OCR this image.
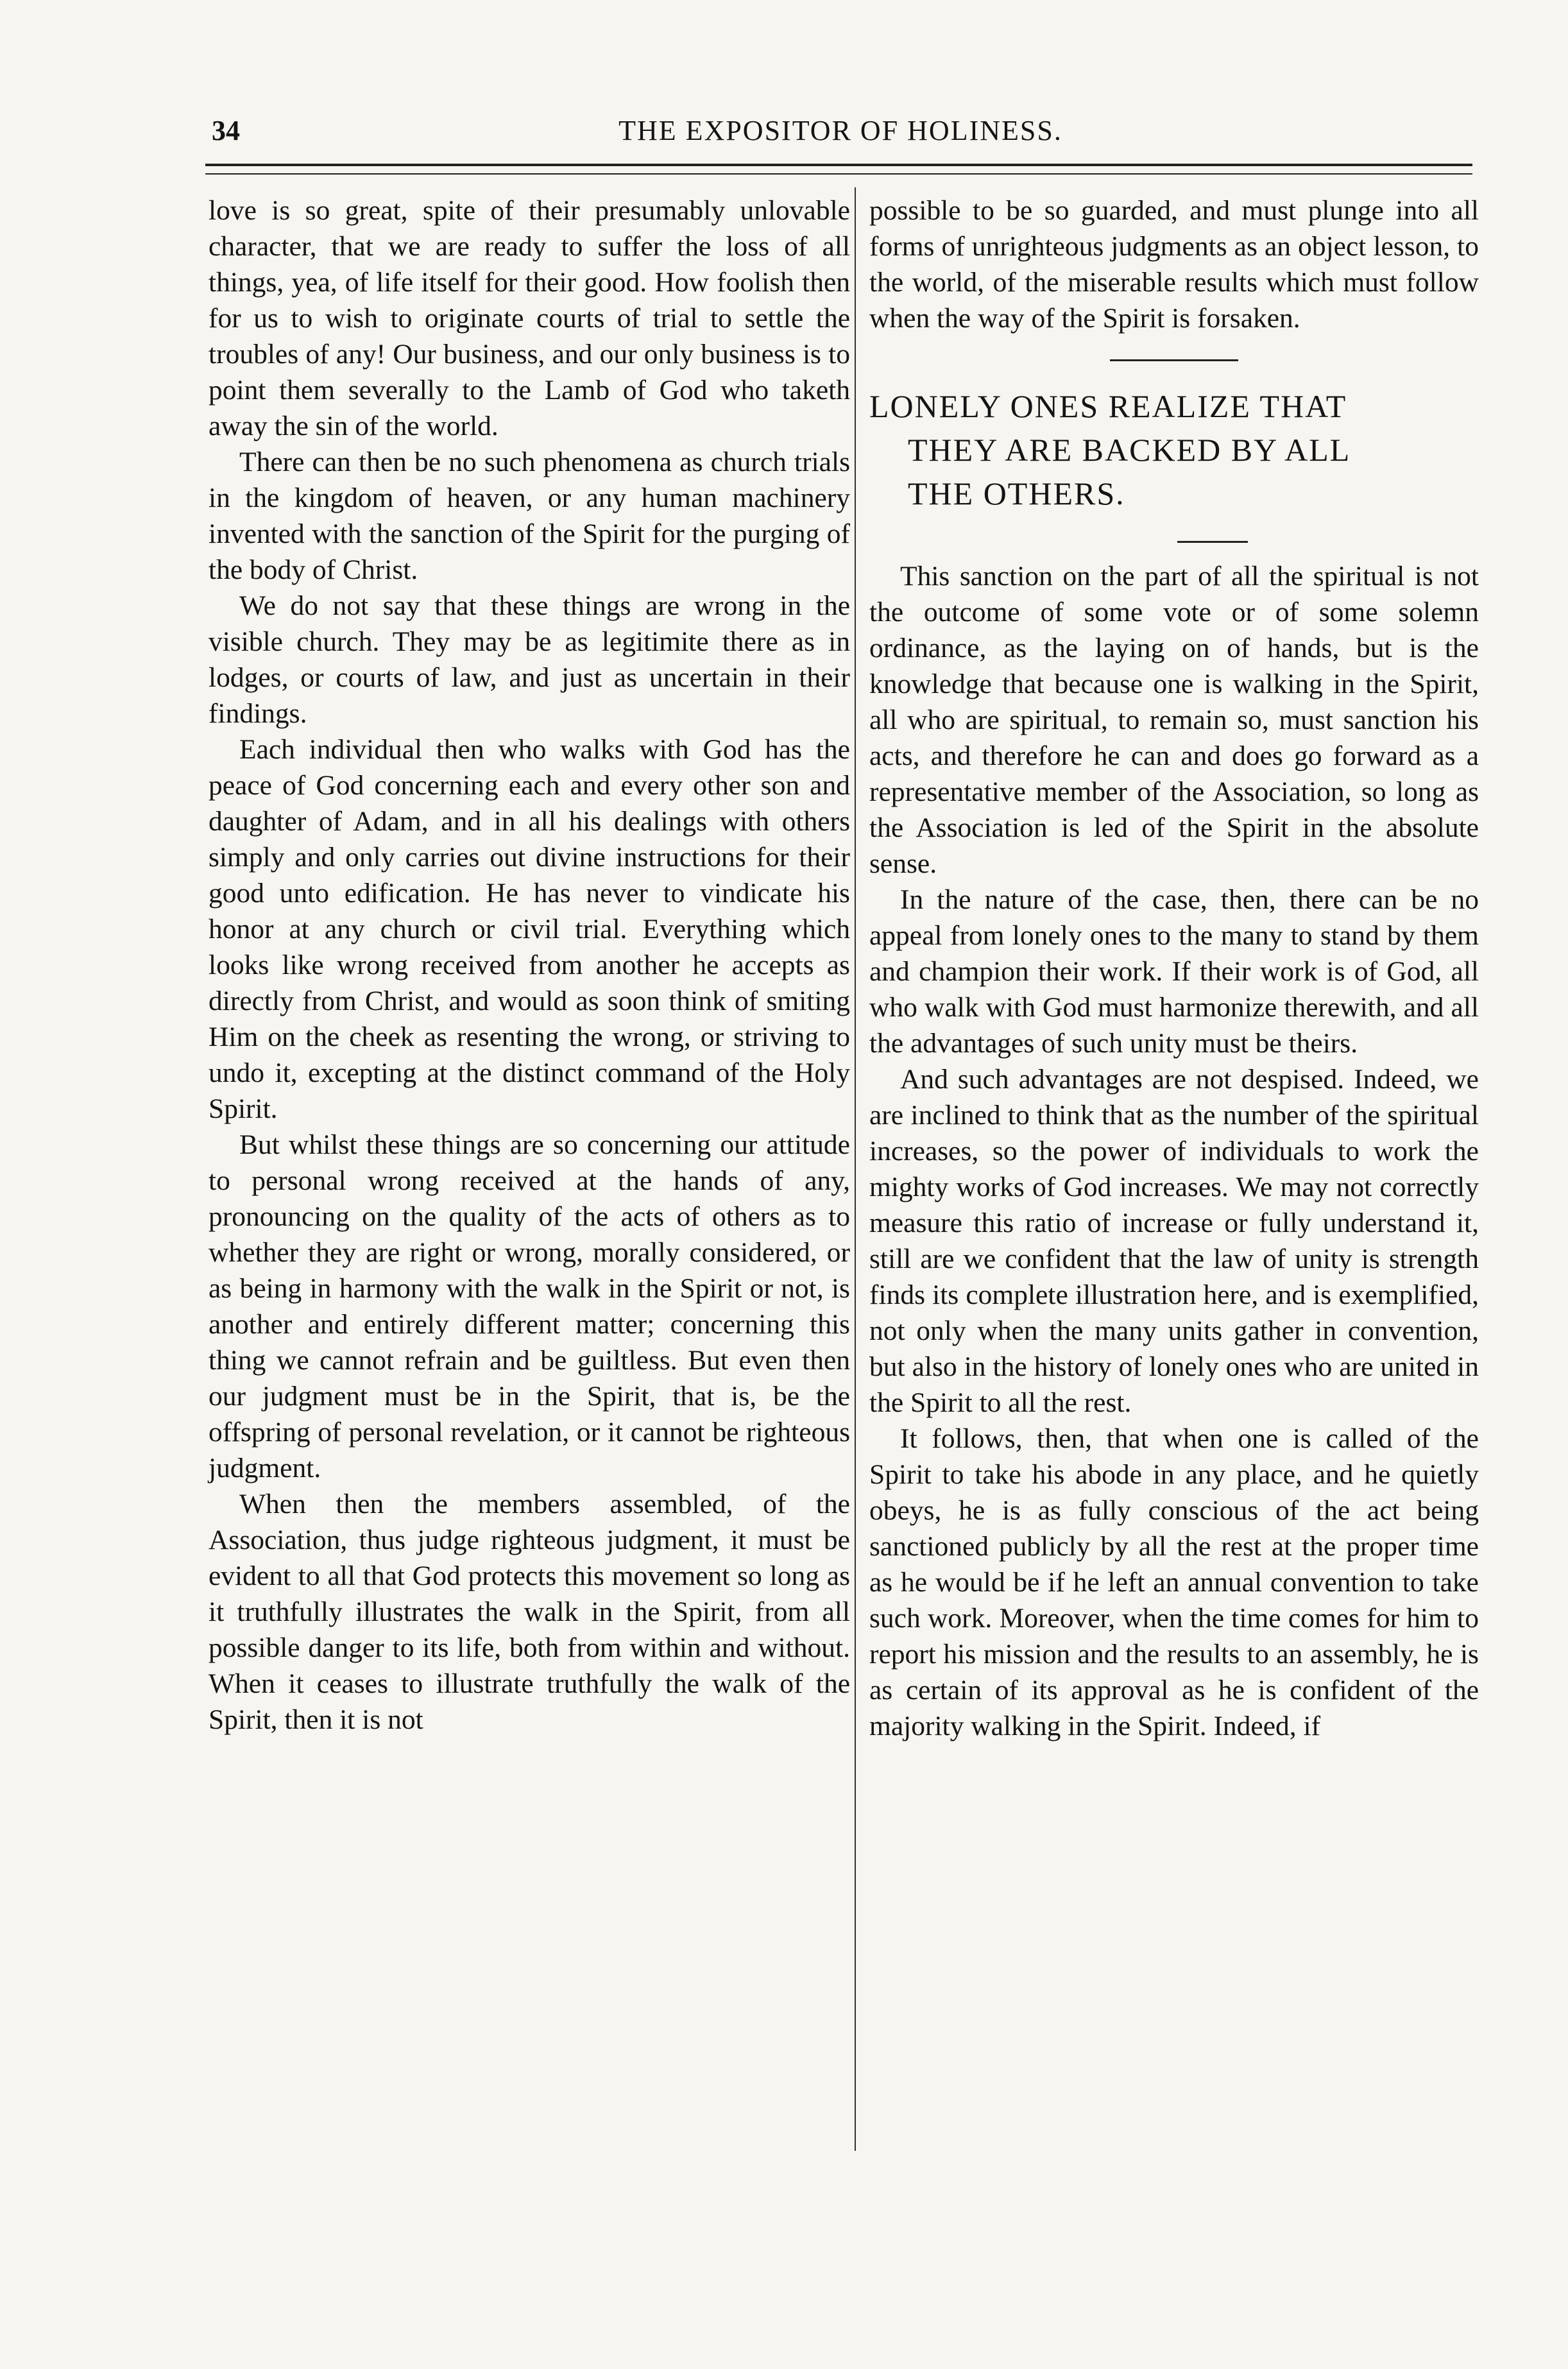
34	THE EXPOSITOR OF HOLINESS.

love is so great, spite of their presumably unlovable character, that we are ready to suffer the loss of all things, yea, of life itself for their good. How foolish then for us to wish to originate courts of trial to settle the troubles of any! Our business, and our only business is to point them severally to the Lamb of God who taketh away the sin of the world.

There can then be no such phenomena as church trials in the kingdom of heaven, or any human machinery invented with the sanction of the Spirit for the purging of the body of Christ.

We do not say that these things are wrong in the visible church. They may be as legitimite there as in lodges, or courts of law, and just as uncertain in their findings.

Each individual then who walks with God has the peace of God concerning each and every other son and daughter of Adam, and in all his dealings with others simply and only carries out divine instructions for their good unto edification. He has never to vindicate his honor at any church or civil trial. Everything which looks like wrong received from another he accepts as directly from Christ, and would as soon think of smiting Him on the cheek as resenting the wrong, or striving to undo it, excepting at the distinct command of the Holy Spirit.

But whilst these things are so concerning our attitude to personal wrong received at the hands of any, pronouncing on the quality of the acts of others as to whether they are right or wrong, morally considered, or as being in harmony with the walk in the Spirit or not, is another and entirely different matter; concerning this thing we cannot refrain and be guiltless. But even then our judgment must be in the Spirit, that is, be the offspring of personal revelation, or it cannot be righteous judgment.

When then the members assembled, of the Association, thus judge righteous judgment, it must be evident to all that God protects this movement so long as it truthfully illustrates the walk in the Spirit, from all possible danger to its life, both from within and without. When it ceases to illustrate truthfully the walk of the Spirit, then it is not

possible to be so guarded, and must plunge into all forms of unrighteous judgments as an object lesson, to the world, of the miserable results which must follow when the way of the Spirit is forsaken.

LONELY ONES REALIZE THAT
THEY ARE BACKED BY ALL
THE OTHERS.

This sanction on the part of all the spiritual is not the outcome of some vote or of some solemn ordinance, as the laying on of hands, but is the knowledge that because one is walking in the Spirit, all who are spiritual, to remain so, must sanction his acts, and therefore he can and does go forward as a representative member of the Association, so long as the Association is led of the Spirit in the absolute sense.

In the nature of the case, then, there can be no appeal from lonely ones to the many to stand by them and champion their work. If their work is of God, all who walk with God must harmonize therewith, and all the advantages of such unity must be theirs.

And such advantages are not despised. Indeed, we are inclined to think that as the number of the spiritual increases, so the power of individuals to work the mighty works of God increases. We may not correctly measure this ratio of increase or fully understand it, still are we confident that the law of unity is strength finds its complete illustration here, and is exemplified, not only when the many units gather in convention, but also in the history of lonely ones who are united in the Spirit to all the rest.

It follows, then, that when one is called of the Spirit to take his abode in any place, and he quietly obeys, he is as fully conscious of the act being sanctioned publicly by all the rest at the proper time as he would be if he left an annual convention to take such work. Moreover, when the time comes for him to report his mission and the results to an assembly, he is as certain of its approval as he is confident of the majority walking in the Spirit. Indeed, if
